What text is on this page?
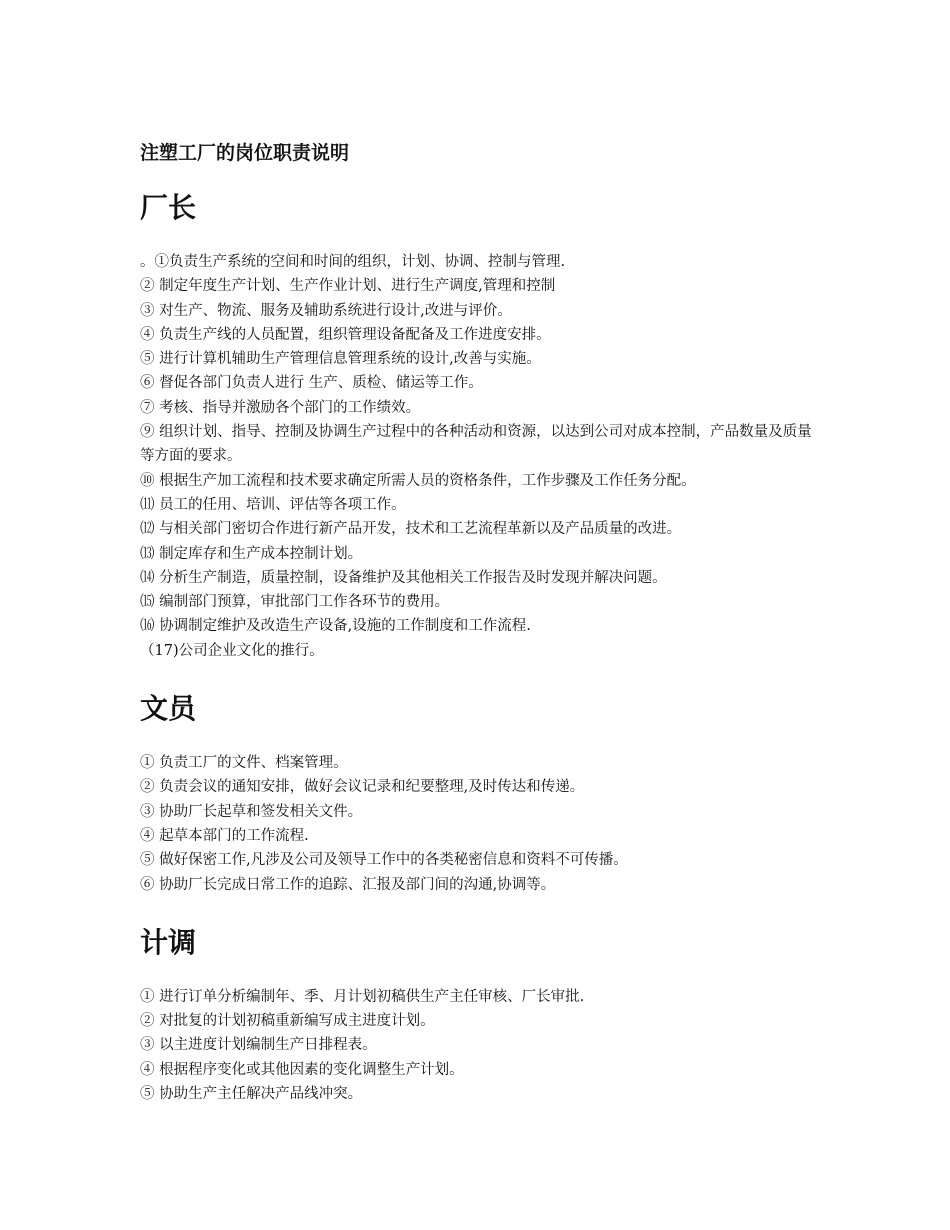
注塑工厂的岗位职责说明
厂长
。①负责生产系统的空间和时间的组织，计划、协调、控制与管理.
② 制定年度生产计划、生产作业计划、进行生产调度,管理和控制
③ 对生产、物流、服务及辅助系统进行设计,改进与评价。
④ 负责生产线的人员配置，组织管理设备配备及工作进度安排。
⑤ 进行计算机辅助生产管理信息管理系统的设计,改善与实施。
⑥ 督促各部门负责人进行 生产、质检、储运等工作。
⑦ 考核、指导并激励各个部门的工作绩效。
⑨ 组织计划、指导、控制及协调生产过程中的各种活动和资源，以达到公司对成本控制，产品数量及质量等方面的要求。
⑩ 根据生产加工流程和技术要求确定所需人员的资格条件，工作步骤及工作任务分配。
⑾ 员工的任用、培训、评估等各项工作。
⑿ 与相关部门密切合作进行新产品开发，技术和工艺流程革新以及产品质量的改进。
⒀ 制定库存和生产成本控制计划。
⒁ 分析生产制造，质量控制，设备维护及其他相关工作报告及时发现并解决问题。
⒂ 编制部门预算，审批部门工作各环节的费用。
⒃ 协调制定维护及改造生产设备,设施的工作制度和工作流程.
（17)公司企业文化的推行。
文员
① 负责工厂的文件、档案管理。
② 负责会议的通知安排，做好会议记录和纪要整理,及时传达和传递。
③ 协助厂长起草和签发相关文件。
④ 起草本部门的工作流程.
⑤ 做好保密工作,凡涉及公司及领导工作中的各类秘密信息和资料不可传播。
⑥ 协助厂长完成日常工作的追踪、汇报及部门间的沟通,协调等。
计调
① 进行订单分析编制年、季、月计划初稿供生产主任审核、厂长审批.
② 对批复的计划初稿重新编写成主进度计划。
③ 以主进度计划编制生产日排程表。
④ 根据程序变化或其他因素的变化调整生产计划。
⑤ 协助生产主任解决产品线冲突。
